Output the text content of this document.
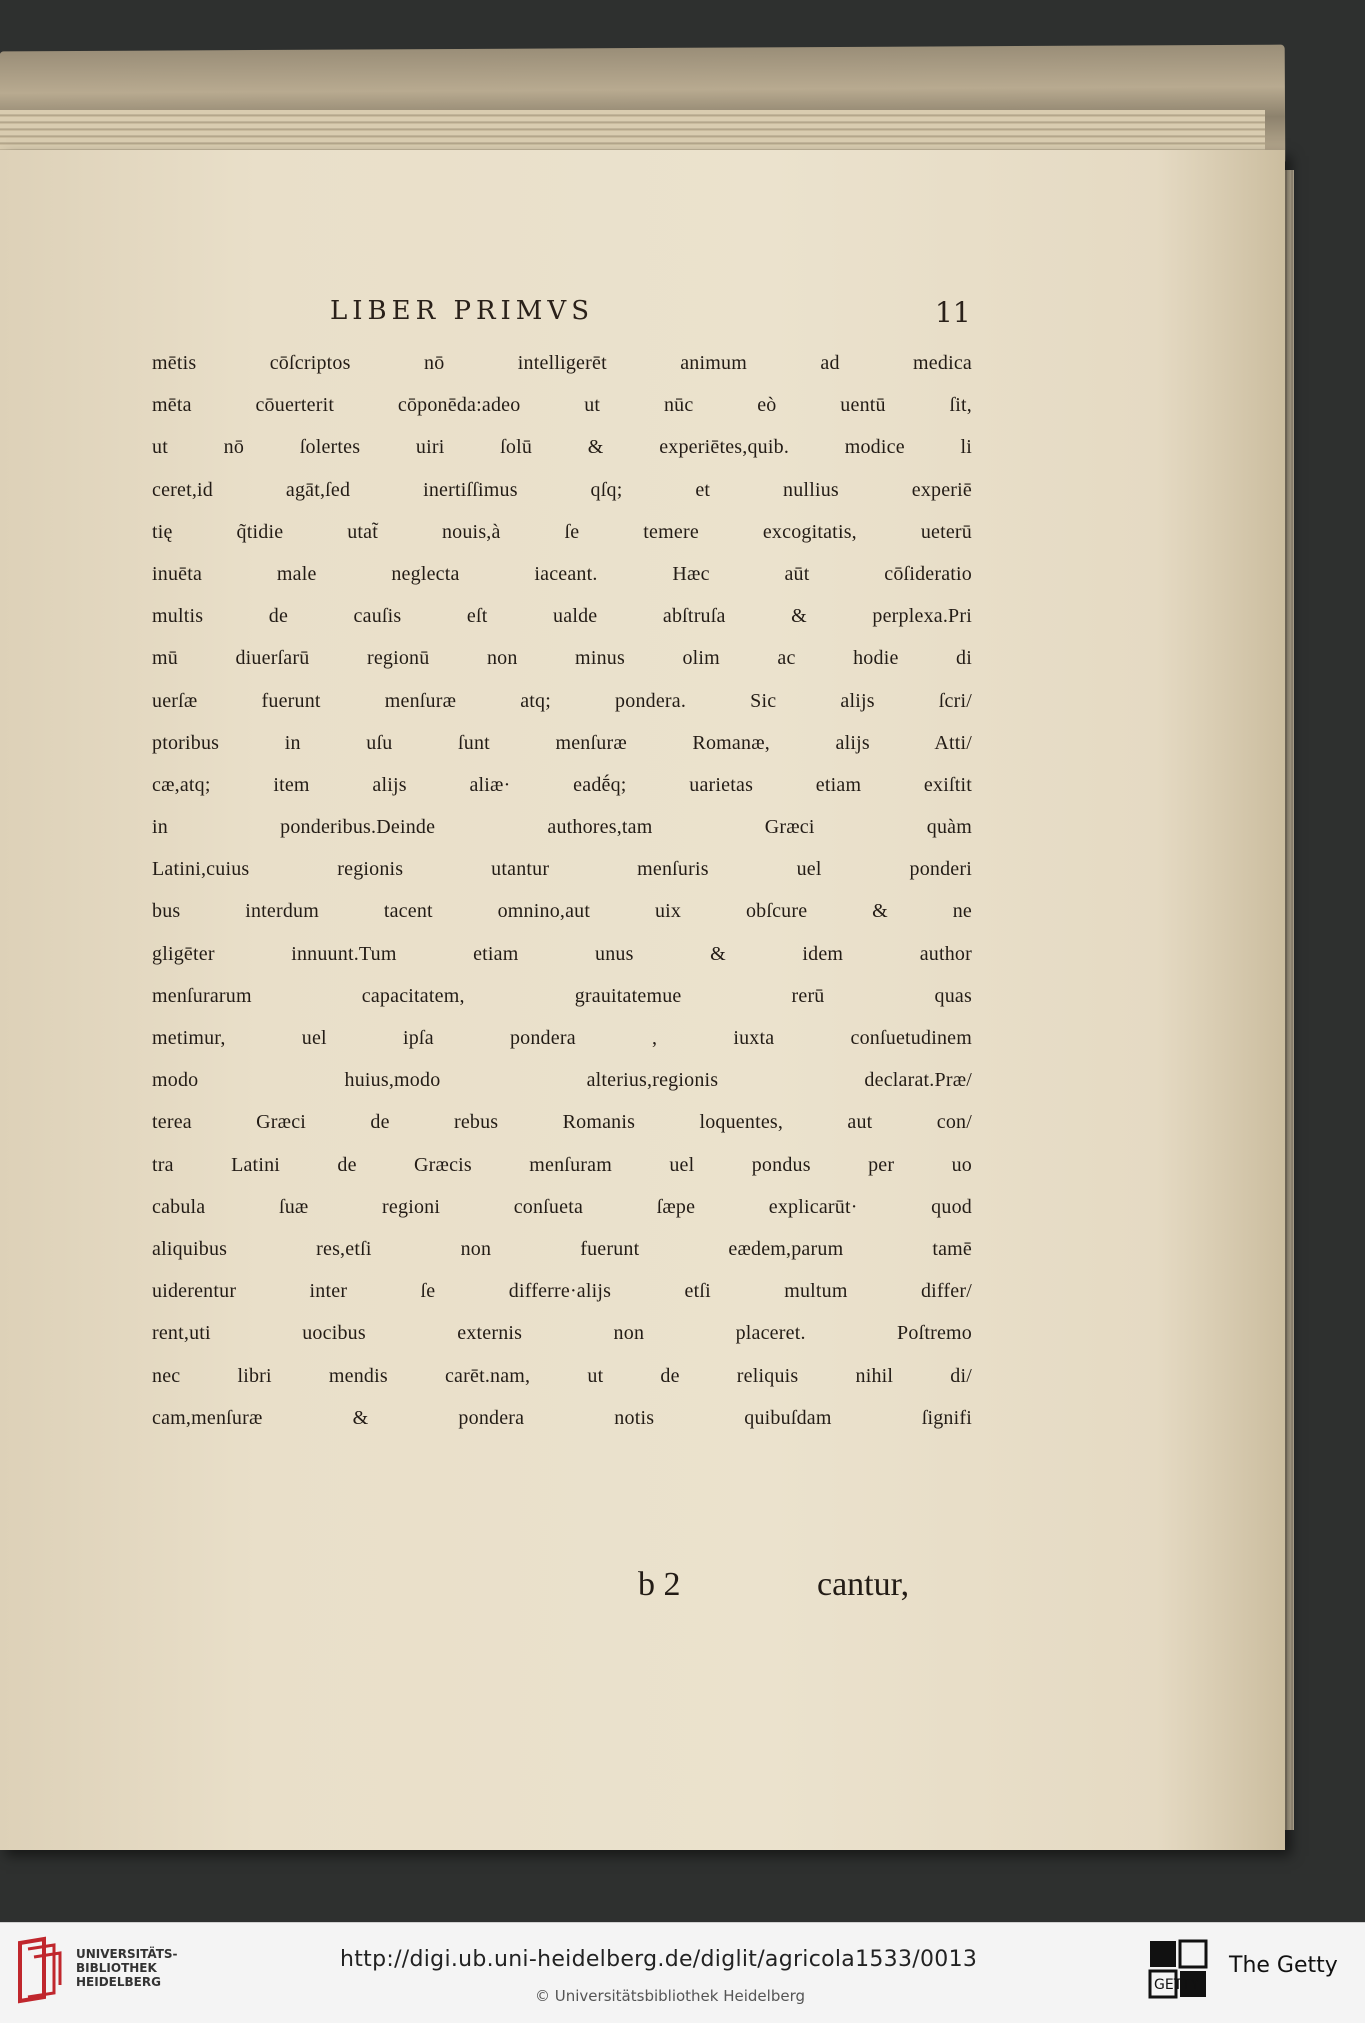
LIBER PRIMVS	11
mētis cōſcriptos nō intelligerēt animum ad medica
mēta cōuerterit cōponēda:adeo ut nūc eò uentū ſit,
ut nō ſolertes uiri ſolū & experiētes,quib. modice li
ceret,id agāt,ſed inertiſſimus qſq; et nullius experiē
tię q̃tidie utat̃ nouis,à ſe temere excogitatis, ueterū
inuēta male neglecta iaceant. Hæc aūt cōſideratio
multis de cauſis eſt ualde abſtruſa & perplexa.Pri
mū diuerſarū regionū non minus olim ac hodie di
uerſæ fuerunt menſuræ atq; pondera. Sic alijs ſcri/
ptoribus in uſu ſunt menſuræ Romanæ, alijs Atti/
cæ,atq; item alijs aliæ· eadḗq; uarietas etiam exiſtit
in ponderibus.Deinde authores,tam Græci quàm
Latini,cuius regionis utantur menſuris uel ponderi
bus interdum tacent omnino,aut uix obſcure & ne
gligēter innuunt.Tum etiam unus & idem author
menſurarum capacitatem, grauitatemue rerū quas
metimur, uel ipſa pondera , iuxta conſuetudinem
modo huius,modo alterius,regionis declarat.Præ/
terea Græci de rebus Romanis loquentes, aut con/
tra Latini de Græcis menſuram uel pondus per uo
cabula ſuæ regioni conſueta ſæpe explicarūt· quod
aliquibus res,etſi non fuerunt eædem,parum tamē
uiderentur inter ſe differre·alijs etſi multum differ/
rent,uti uocibus externis non placeret. Poſtremo
nec libri mendis carēt.nam, ut de reliquis nihil di/
cam,menſuræ & pondera notis quibuſdam ſignifi
b 2	cantur,
UNIVERSITÄTS-
BIBLIOTHEK
HEIDELBERG
http://digi.ub.uni-heidelberg.de/diglit/agricola1533/0013
© Universitätsbibliothek Heidelberg
GETTY
The Getty
